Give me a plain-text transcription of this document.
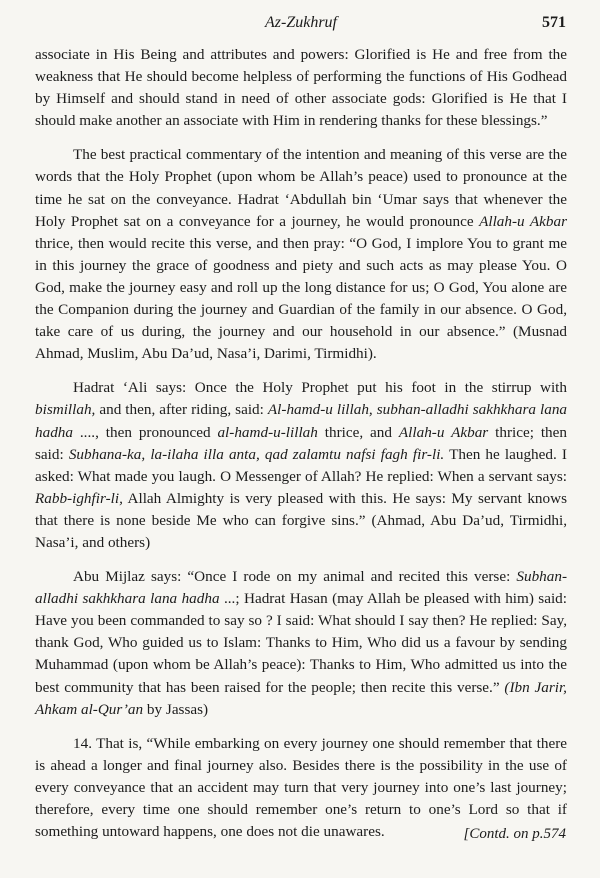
Az-Zukhruf	571

associate in His Being and attributes and powers: Glorified is He and free from the weakness that He should become helpless of performing the functions of His Godhead by Himself and should stand in need of other associate gods: Glorified is He that I should make another an associate with Him in rendering thanks for these blessings.”

The best practical commentary of the intention and meaning of this verse are the words that the Holy Prophet (upon whom be Allah’s peace) used to pronounce at the time he sat on the conveyance. Hadrat ‘Abdullah bin ‘Umar says that whenever the Holy Prophet sat on a conveyance for a journey, he would pronounce Allah-u Akbar thrice, then would recite this verse, and then pray: “O God, I implore You to grant me in this journey the grace of goodness and piety and such acts as may please You. O God, make the journey easy and roll up the long distance for us; O God, You alone are the Companion during the journey and Guardian of the family in our absence. O God, take care of us during, the journey and our household in our absence.” (Musnad Ahmad, Muslim, Abu Da’ud, Nasa’i, Darimi, Tirmidhi).

Hadrat ‘Ali says: Once the Holy Prophet put his foot in the stirrup with bismillah, and then, after riding, said: Al-hamd-u lillah, subhan-alladhi sakhkhara lana hadha ...., then pronounced al-hamd-u-lillah thrice, and Allah-u Akbar thrice; then said: Subhana-ka, la-ilaha illa anta, qad zalamtu nafsi fagh fir-li. Then he laughed. I asked: What made you laugh. O Messenger of Allah? He replied: When a servant says: Rabb-ighfir-li, Allah Almighty is very pleased with this. He says: My servant knows that there is none beside Me who can forgive sins.” (Ahmad, Abu Da’ud, Tirmidhi, Nasa’i, and others)

Abu Mijlaz says: “Once I rode on my animal and recited this verse: Subhan-alladhi sakhkhara lana hadha ...; Hadrat Hasan (may Allah be pleased with him) said: Have you been commanded to say so ? I said: What should I say then? He replied: Say, thank God, Who guided us to Islam: Thanks to Him, Who did us a favour by sending Muhammad (upon whom be Allah’s peace): Thanks to Him, Who admitted us into the best community that has been raised for the people; then recite this verse.” (Ibn Jarir, Ahkam al-Qur’an by Jassas)

14. That is, “While embarking on every journey one should remember that there is ahead a longer and final journey also. Besides there is the possibility in the use of every conveyance that an accident may turn that very journey into one’s last journey; therefore, every time one should remember one’s return to one’s Lord so that if something untoward happens, one does not die unawares.	[Contd. on p.574
